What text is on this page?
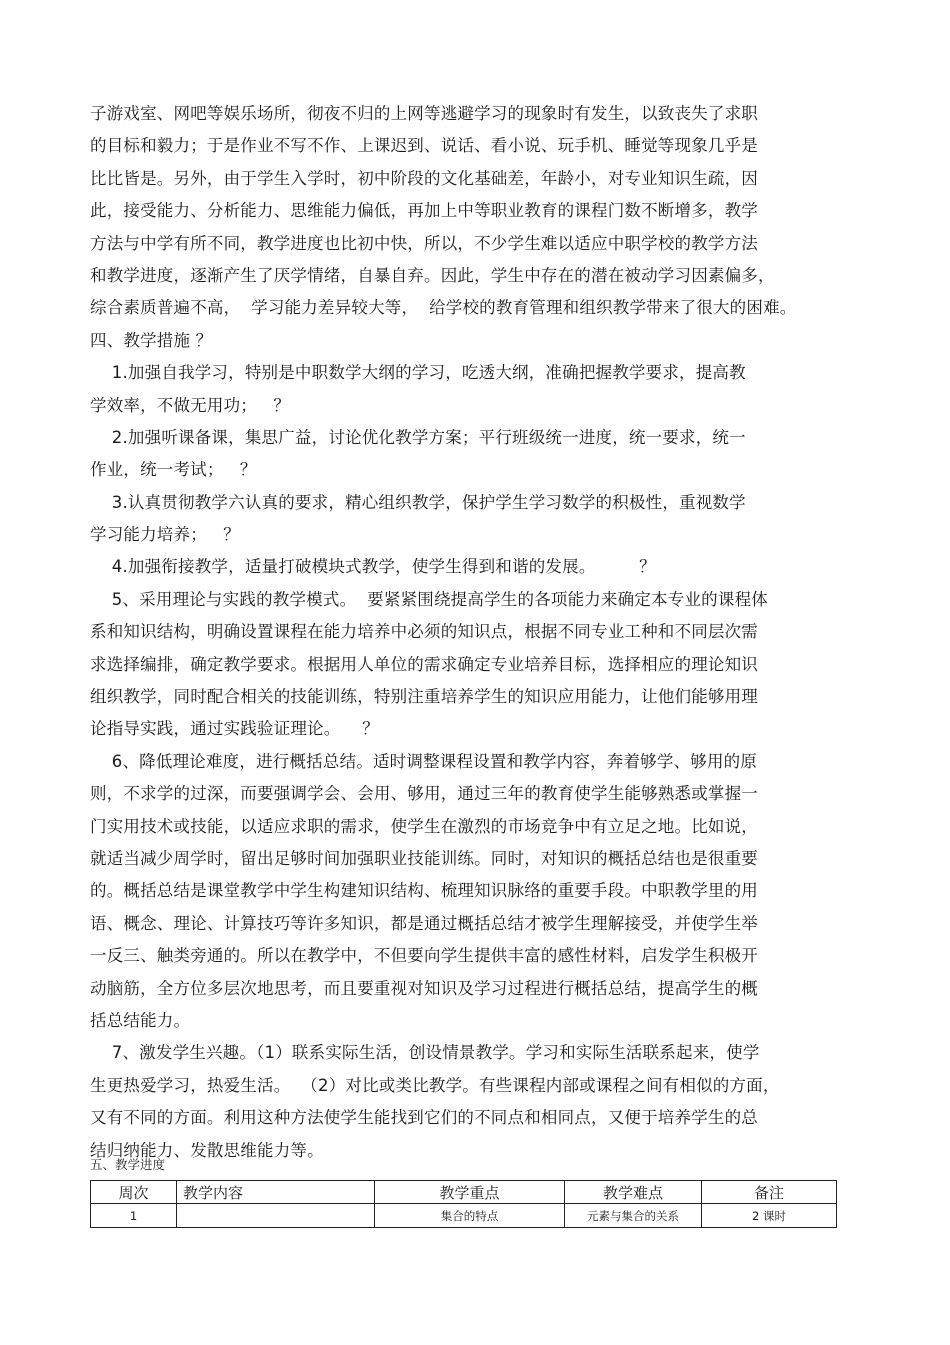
子游戏室、网吧等娱乐场所，彻夜不归的上网等逃避学习的现象时有发生，以致丧失了求职
的目标和毅力；于是作业不写不作、上课迟到、说话、看小说、玩手机、睡觉等现象几乎是
比比皆是。另外，由于学生入学时，初中阶段的文化基础差，年龄小，对专业知识生疏，因
此，接受能力、分析能力、思维能力偏低，再加上中等职业教育的课程门数不断增多，教学
方法与中学有所不同，教学进度也比初中快，所以，不少学生难以适应中职学校的教学方法
和教学进度，逐渐产生了厌学情绪，自暴自弃。因此，学生中存在的潜在被动学习因素偏多，
综合素质普遍不高，  学习能力差异较大等，  给学校的教育管理和组织教学带来了很大的困难。
四、教学措施 ？
1.加强自我学习，特别是中职数学大纲的学习，吃透大纲，准确把握教学要求，提高教
学效率，不做无用功；   ？
2.加强听课备课，集思广益，讨论优化教学方案；平行班级统一进度，统一要求，统一
作业，统一考试；   ？
3.认真贯彻教学六认真的要求，精心组织教学，保护学生学习数学的积极性，重视数学
学习能力培养；   ？
4.加强衔接教学，适量打破模块式教学，使学生得到和谐的发展。        ？
5、采用理论与实践的教学模式。  要紧紧围绕提高学生的各项能力来确定本专业的课程体
系和知识结构，明确设置课程在能力培养中必须的知识点，根据不同专业工种和不同层次需
求选择编排，确定教学要求。根据用人单位的需求确定专业培养目标，选择相应的理论知识
组织教学，同时配合相关的技能训练，特别注重培养学生的知识应用能力，让他们能够用理
论指导实践，通过实践验证理论。    ？
6、降低理论难度，进行概括总结。适时调整课程设置和教学内容，奔着够学、够用的原
则，不求学的过深，而要强调学会、会用、够用，通过三年的教育使学生能够熟悉或掌握一
门实用技术或技能，以适应求职的需求，使学生在激烈的市场竞争中有立足之地。比如说，
就适当减少周学时，留出足够时间加强职业技能训练。同时，对知识的概括总结也是很重要
的。概括总结是课堂教学中学生构建知识结构、梳理知识脉络的重要手段。中职教学里的用
语、概念、理论、计算技巧等许多知识，都是通过概括总结才被学生理解接受，并使学生举
一反三、触类旁通的。所以在教学中，不但要向学生提供丰富的感性材料，启发学生积极开
动脑筋，全方位多层次地思考，而且要重视对知识及学习过程进行概括总结，提高学生的概
括总结能力。
7、激发学生兴趣。（1）联系实际生活，创设情景教学。学习和实际生活联系起来，使学
生更热爱学习，热爱生活。  （2）对比或类比教学。有些课程内部或课程之间有相似的方面，
又有不同的方面。利用这种方法使学生能找到它们的不同点和相同点，又便于培养学生的总
结归纳能力、发散思维能力等。
五、教学进度
周次	教学内容	教学重点	教学难点	备注
1		集合的特点	元素与集合的关系	2 课时
